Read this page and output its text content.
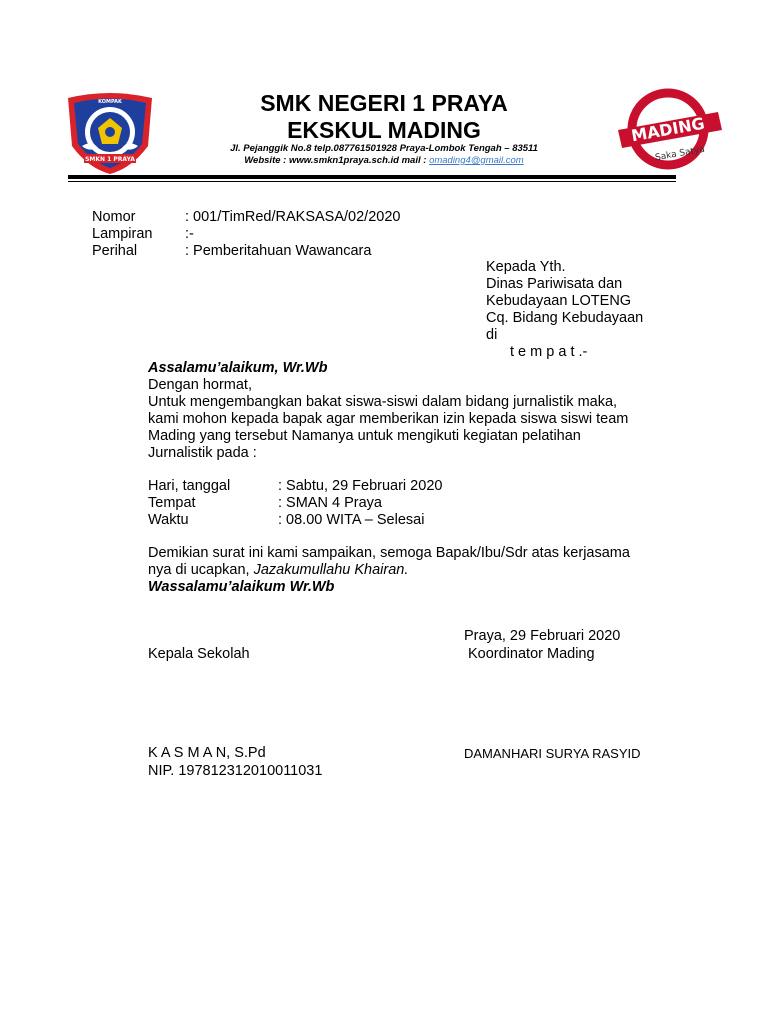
SMKN 1 PRAYA
KOMPAK
MADING
Saka Satya
SMK NEGERI 1 PRAYA
EKSKUL MADING
Jl. Pejanggik No.8 telp.087761501928 Praya-Lombok Tengah – 83511
Website : www.smkn1praya.sch.id mail : omading4@gmail.com
Nomor	: 001/TimRed/RAKSASA/02/2020
Lampiran :-
Perihal	: Pemberitahuan Wawancara
Kepada Yth.
Dinas Pariwisata dan
Kebudayaan LOTENG
Cq. Bidang Kebudayaan
di
t e m p a t .-
Assalamu’alaikum, Wr.Wb
Dengan hormat,
Untuk mengembangkan bakat siswa-siswi dalam bidang jurnalistik maka,
kami mohon kepada bapak agar memberikan izin kepada siswa siswi team
Mading yang tersebut Namanya untuk mengikuti kegiatan pelatihan
Jurnalistik pada :
Hari, tanggal	: Sabtu, 29 Februari 2020
Tempat	: SMAN 4 Praya
Waktu	: 08.00 WITA – Selesai
Demikian surat ini kami sampaikan, semoga Bapak/Ibu/Sdr atas kerjasama
nya di ucapkan, Jazakumullahu Khairan.
Wassalamu’alaikum Wr.Wb
Praya, 29 Februari 2020
Kepala Sekolah	Koordinator Mading
K A S M A N, S.Pd
NIP. 197812312010011031
DAMANHARI SURYA RASYID
